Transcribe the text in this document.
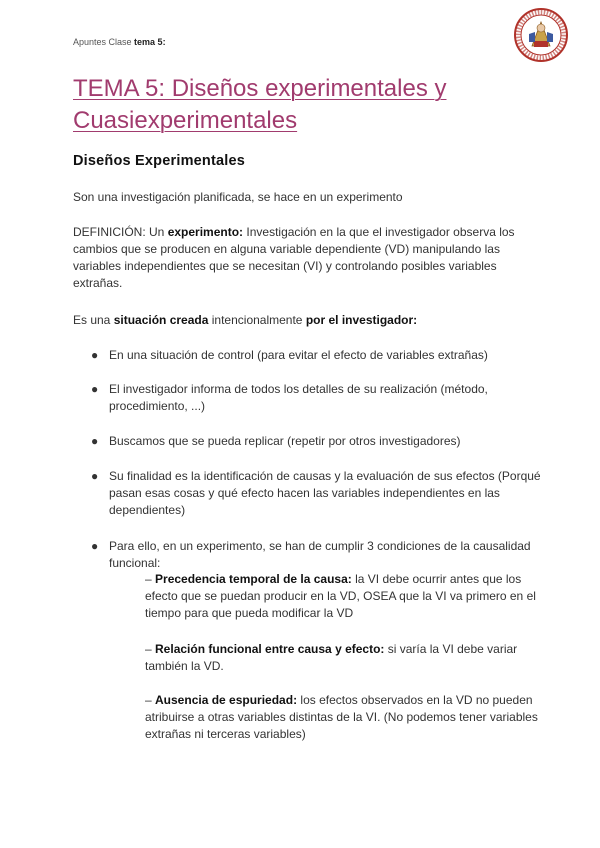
Apuntes Clase tema 5:
TEMA 5: Diseños experimentales y Cuasiexperimentales
Diseños Experimentales
Son una investigación planificada, se hace en un experimento
DEFINICIÓN: Un experimento: Investigación en la que el investigador observa los cambios que se producen en alguna variable dependiente (VD) manipulando las variables independientes que se necesitan (VI) y controlando posibles variables extrañas.
Es una situación creada intencionalmente por el investigador:
● En una situación de control (para evitar el efecto de variables extrañas)
● El investigador informa de todos los detalles de su realización (método, procedimiento, ...)
● Buscamos que se pueda replicar (repetir por otros investigadores)
● Su finalidad es la identificación de causas y la evaluación de sus efectos (Porqué pasan esas cosas y qué efecto hacen las variables independientes en las dependientes)
● Para ello, en un experimento, se han de cumplir 3 condiciones de la causalidad funcional:
– Precedencia temporal de la causa: la VI debe ocurrir antes que los efecto que se puedan producir en la VD, OSEA que la VI va primero en el tiempo para que pueda modificar la VD
– Relación funcional entre causa y efecto: si varía la VI debe variar también la VD.
– Ausencia de espuriedad: los efectos observados en la VD no pueden atribuirse a otras variables distintas de la VI. (No podemos tener variables extrañas ni terceras variables)
